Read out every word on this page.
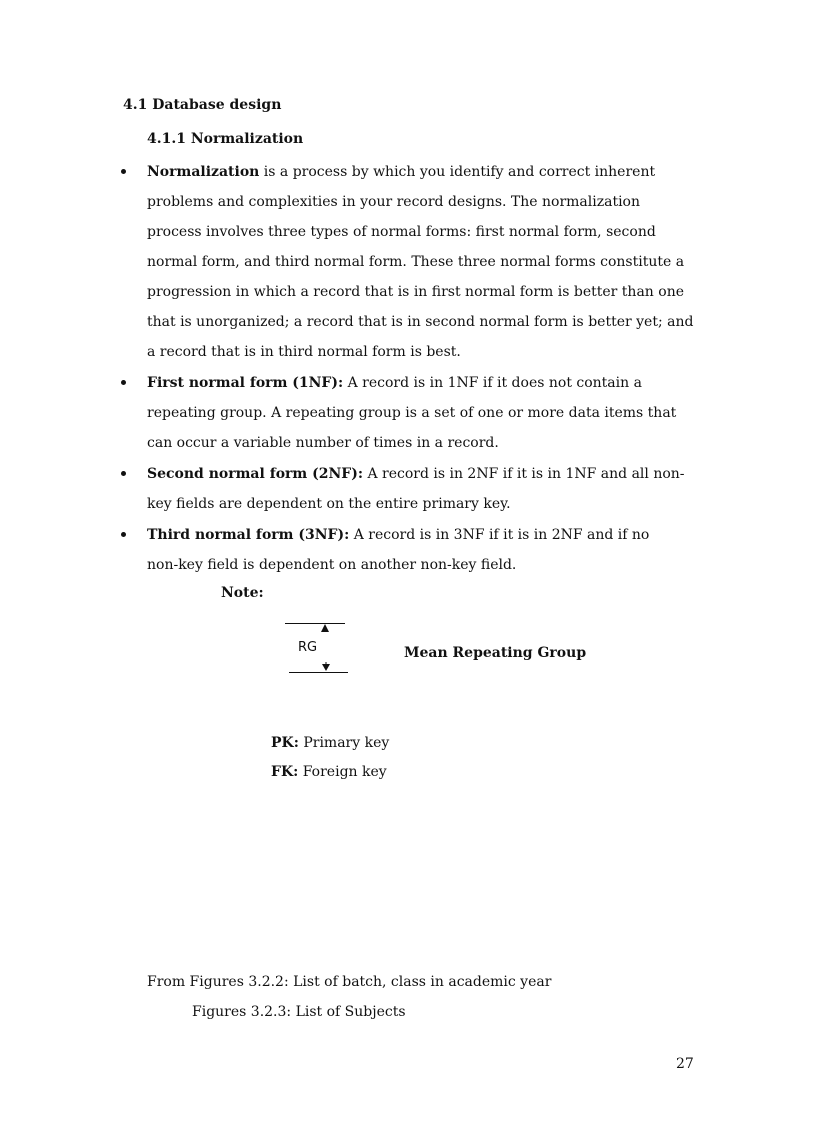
4.1 Database design
4.1.1 Normalization
Normalization is a process by which you identify and correct inherent
problems and complexities in your record designs. The normalization
process involves three types of normal forms: first normal form, second
normal form, and third normal form. These three normal forms constitute a
progression in which a record that is in first normal form is better than one
that is unorganized; a record that is in second normal form is better yet; and
a record that is in third normal form is best.
First normal form (1NF): A record is in 1NF if it does not contain a
repeating group. A repeating group is a set of one or more data items that
can occur a variable number of times in a record.
Second normal form (2NF): A record is in 2NF if it is in 1NF and all non-
key fields are dependent on the entire primary key.
Third normal form (3NF): A record is in 3NF if it is in 2NF and if no
non-key field is dependent on another non-key field.
Note:
RG	Mean Repeating Group
PK: Primary key
FK: Foreign key
From Figures 3.2.2: List of batch, class in academic year
Figures 3.2.3: List of Subjects
27
